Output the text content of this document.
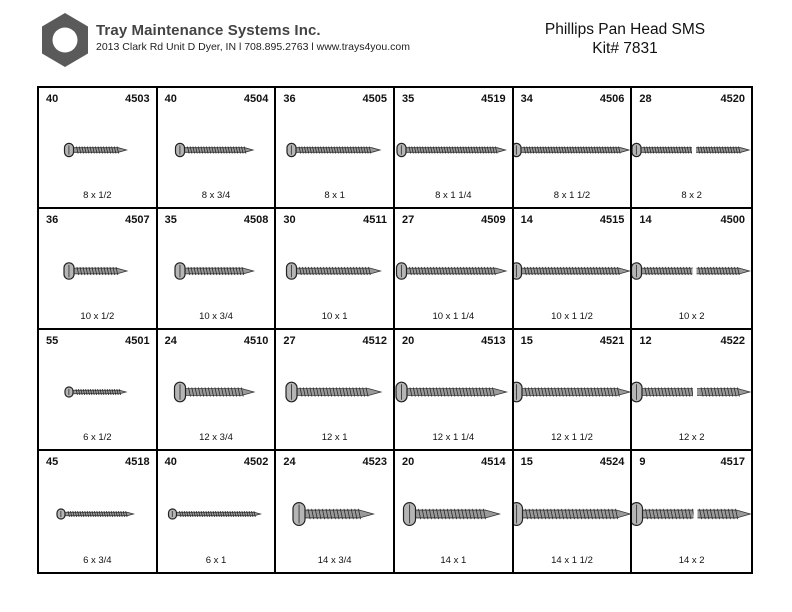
Tray Maintenance Systems Inc.
2013 Clark Rd Unit D Dyer, IN l 708.895.2763 l www.trays4you.com
Phillips Pan Head SMS
Kit# 7831
40	4503
8 x 1/2
40	4504
8 x 3/4
36	4505
8 x 1
35	4519
8 x 1 1/4
34	4506
8 x 1 1/2
28	4520
8 x 2
36	4507
10 x 1/2
35	4508
10 x 3/4
30	4511
10 x 1
27	4509
10 x 1 1/4
14	4515
10 x 1 1/2
14	4500
10 x 2
55	4501
6 x 1/2
24	4510
12 x 3/4
27	4512
12 x 1
20	4513
12 x 1 1/4
15	4521
12 x 1 1/2
12	4522
12 x 2
45	4518
6 x 3/4
40	4502
6 x 1
24	4523
14 x 3/4
20	4514
14 x 1
15	4524
14 x 1 1/2
9	4517
14 x 2
